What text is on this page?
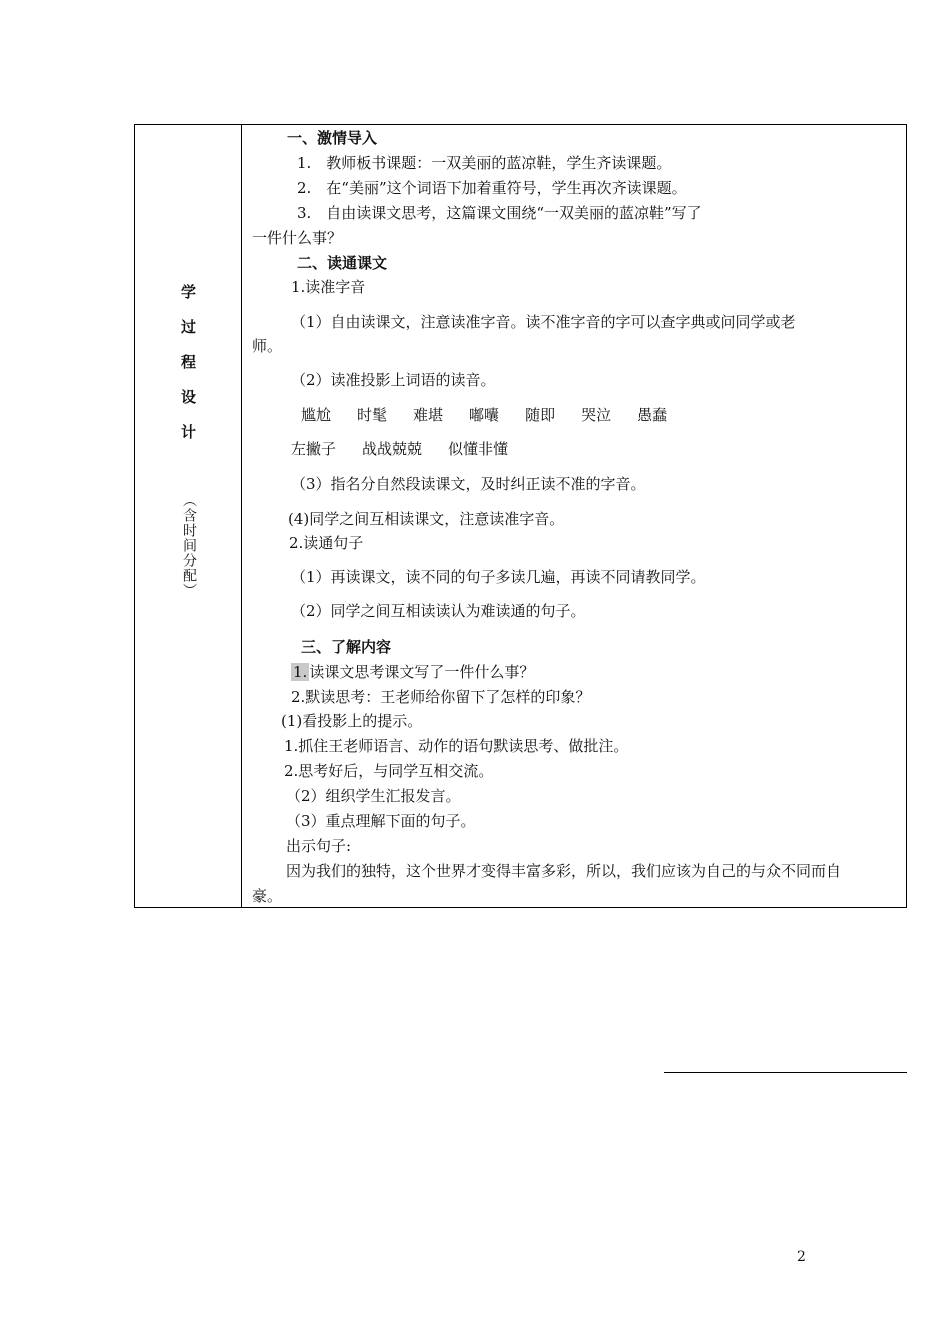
学
过
程
设
计
（含时间分配）
一、激情导入
1.　教师板书课题：一双美丽的蓝凉鞋，学生齐读课题。
2.　在“美丽”这个词语下加着重符号，学生再次齐读课题。
3.　自由读课文思考，这篇课文围绕“一双美丽的蓝凉鞋”写了
一件什么事？
二、读通课文
1.读准字音
（1）自由读课文，注意读准字音。读不准字音的字可以查字典或问同学或老
师。
（2）读准投影上词语的读音。
尴尬 时髦 难堪 嘟囔 随即 哭泣 愚蠢
左撇子 战战兢兢 似懂非懂
（3）指名分自然段读课文，及时纠正读不准的字音。
(4)同学之间互相读课文，注意读准字音。
2.读通句子
（1）再读课文，读不同的句子多读几遍，再读不同请教同学。
（2）同学之间互相读读认为难读通的句子。
三、了解内容
1. 读课文思考课文写了一件什么事？
2.默读思考：王老师给你留下了怎样的印象？
(1)看投影上的提示。
1.抓住王老师语言、动作的语句默读思考、做批注。
2.思考好后，与同学互相交流。
（2）组织学生汇报发言。
（3）重点理解下面的句子。
出示句子:
因为我们的独特，这个世界才变得丰富多彩，所以，我们应该为自己的与众不同而自
豪。
2
